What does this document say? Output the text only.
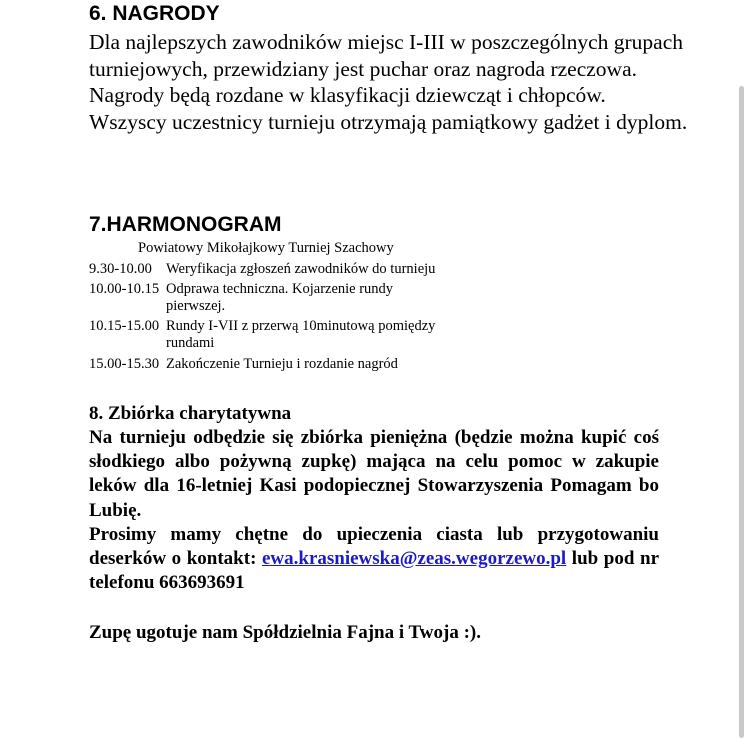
6. NAGRODY

Dla najlepszych zawodników miejsc I-III w poszczególnych grupach turniejowych, przewidziany jest puchar oraz nagroda rzeczowa. Nagrody będą rozdane w klasyfikacji dziewcząt i chłopców.

Wszyscy uczestnicy turnieju otrzymają pamiątkowy gadżet i dyplom.

7.HARMONOGRAM

Powiatowy Mikołajkowy Turniej Szachowy

9.30-10.00 Weryfikacja zgłoszeń zawodników do turnieju
10.00-10.15 Odprawa techniczna. Kojarzenie rundy pierwszej.
10.15-15.00 Rundy I-VII z przerwą 10minutową pomiędzy rundami
15.00-15.30 Zakończenie Turnieju i rozdanie nagród
8. Zbiórka charytatywna

Na turnieju odbędzie się zbiórka pieniężna (będzie można kupić coś słodkiego albo pożywną zupkę) mająca na celu pomoc w zakupie leków dla 16-letniej Kasi podopiecznej Stowarzyszenia Pomagam bo Lubię.

Prosimy mamy chętne do upieczenia ciasta lub przygotowaniu deserków o kontakt: ewa.krasniewska@zeas.wegorzewo.pl lub pod nr telefonu 663693691

Zupę ugotuje nam Spółdzielnia Fajna i Twoja :).
